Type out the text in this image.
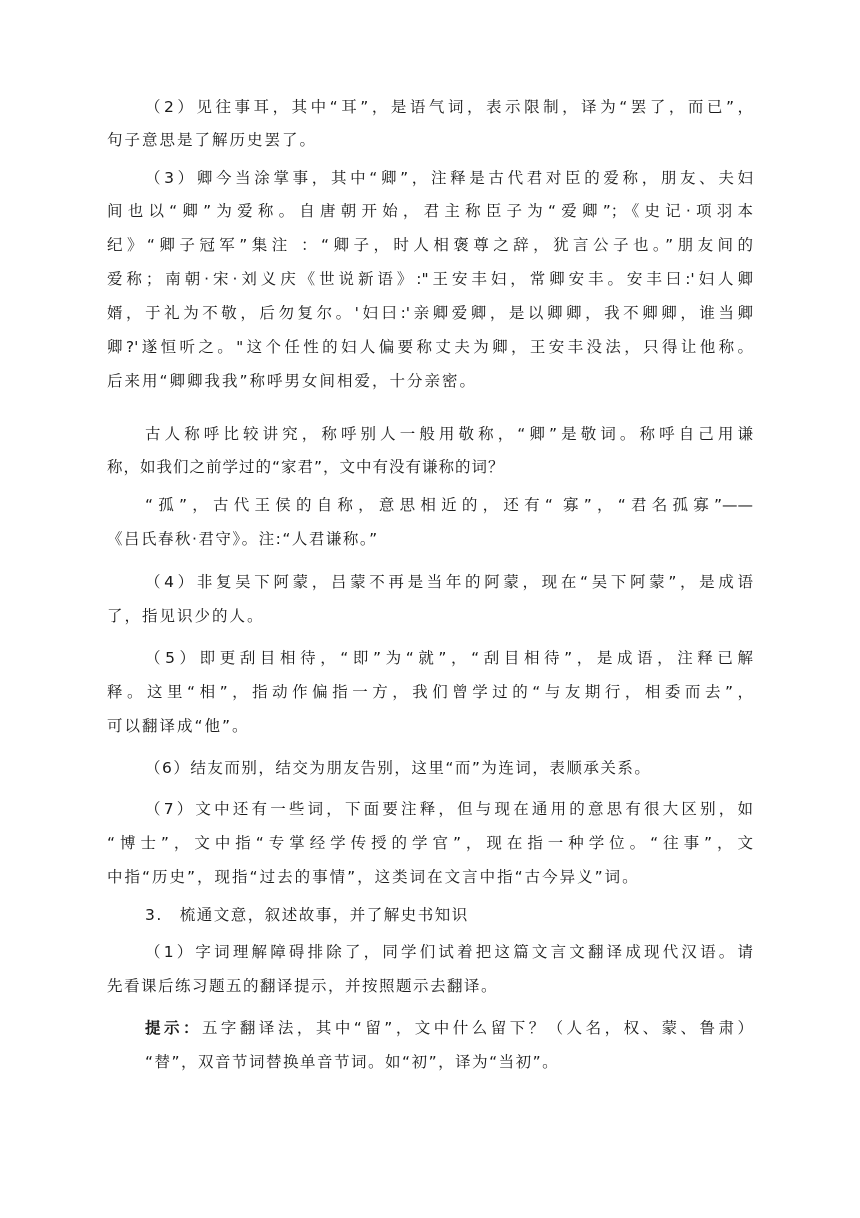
（2）见往事耳，其中“耳”，是语气词，表示限制，译为“罢了，而已”，
句子意思是了解历史罢了。
（3）卿今当涂掌事，其中“卿”，注释是古代君对臣的爱称，朋友、夫妇
间也以“卿”为爱称。自唐朝开始，君主称臣子为“爱卿”；《史记·项羽本
纪》“卿子冠军”集注 ：“卿子，时人相褒尊之辞，犹言公子也。”朋友间的
爱称；南朝·宋·刘义庆《世说新语》:"王安丰妇，常卿安丰。安丰曰:'妇人卿
婿，于礼为不敬，后勿复尔。'妇曰:'亲卿爱卿，是以卿卿，我不卿卿，谁当卿
卿?'遂恒听之。"这个任性的妇人偏要称丈夫为卿，王安丰没法，只得让他称。
后来用“卿卿我我”称呼男女间相爱，十分亲密。
古人称呼比较讲究，称呼别人一般用敬称，“卿”是敬词。称呼自己用谦
称，如我们之前学过的“家君”，文中有没有谦称的词？
“孤”，古代王侯的自称，意思相近的，还有“ 寡”，“君名孤寡”——
《吕氏春秋·君守》。注:“人君谦称。”
（4）非复吴下阿蒙，吕蒙不再是当年的阿蒙，现在“吴下阿蒙”，是成语
了，指见识少的人。
（5）即更刮目相待，“即”为“就”，“刮目相待”，是成语，注释已解
释。这里“相”，指动作偏指一方，我们曾学过的“与友期行，相委而去”，
可以翻译成“他”。
（6）结友而别，结交为朋友告别，这里“而”为连词，表顺承关系。
（7）文中还有一些词，下面要注释，但与现在通用的意思有很大区别，如
“博士”，文中指“专掌经学传授的学官”，现在指一种学位。“往事”，文
中指“历史”，现指“过去的事情”，这类词在文言中指“古今异义”词。
3.　梳通文意，叙述故事，并了解史书知识
（1）字词理解障碍排除了，同学们试着把这篇文言文翻译成现代汉语。请
先看课后练习题五的翻译提示，并按照题示去翻译。
提示：五字翻译法，其中“留”，文中什么留下？（人名，权、蒙、鲁肃）
“替”，双音节词替换单音节词。如“初”，译为“当初”。
